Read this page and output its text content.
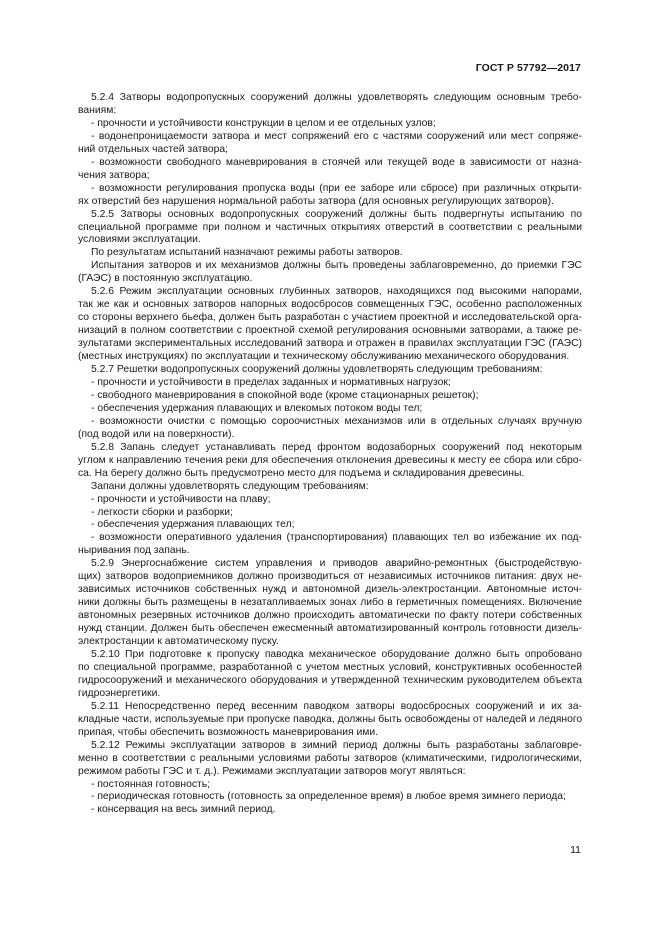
ГОСТ Р 57792—2017
5.2.4 Затворы водопропускных сооружений должны удовлетворять следующим основным требо-
ваниям:
- прочности и устойчивости конструкции в целом и ее отдельных узлов;
- водонепроницаемости затвора и мест сопряжений его с частями сооружений или мест сопряже-
ний отдельных частей затвора;
- возможности свободного маневрирования в стоячей или текущей воде в зависимости от назна-
чения затвора;
- возможности регулирования пропуска воды (при ее заборе или сбросе) при различных открыти-
ях отверстий без нарушения нормальной работы затвора (для основных регулирующих затворов).
5.2.5 Затворы основных водопропускных сооружений должны быть подвергнуты испытанию по
специальной программе при полном и частичных открытиях отверстий в соответствии с реальными
условиями эксплуатации.
По результатам испытаний назначают режимы работы затворов.
Испытания затворов и их механизмов должны быть проведены заблаговременно, до приемки ГЭС
(ГАЭС) в постоянную эксплуатацию.
5.2.6 Режим эксплуатации основных глубинных затворов, находящихся под высокими напорами,
так же как и основных затворов напорных водосбросов совмещенных ГЭС, особенно расположенных
со стороны верхнего бьефа, должен быть разработан с участием проектной и исследовательской орга-
низаций в полном соответствии с проектной схемой регулирования основными затворами, а также ре-
зультатами экспериментальных исследований затвора и отражен в правилах эксплуатации ГЭС (ГАЭС)
(местных инструкциях) по эксплуатации и техническому обслуживанию механического оборудования.
5.2.7 Решетки водопропускных сооружений должны удовлетворять следующим требованиям:
- прочности и устойчивости в пределах заданных и нормативных нагрузок;
- свободного маневрирования в спокойной воде (кроме стационарных решеток);
- обеспечения удержания плавающих и влекомых потоком воды тел;
- возможности очистки с помощью сороочистных механизмов или в отдельных случаях вручную
(под водой или на поверхности).
5.2.8 Запань следует устанавливать перед фронтом водозаборных сооружений под некоторым
углом к направлению течения реки для обеспечения отклонения древесины к месту ее сбора или сбро-
са. На берегу должно быть предусмотрено место для подъема и складирования древесины.
Запани должны удовлетворять следующим требованиям:
- прочности и устойчивости на плаву;
- легкости сборки и разборки;
- обеспечения удержания плавающих тел;
- возможности оперативного удаления (транспортирования) плавающих тел во избежание их под-
ныривания под запань.
5.2.9 Энергоснабжение систем управления и приводов аварийно-ремонтных (быстродействую-
щих) затворов водоприемников должно производиться от независимых источников питания: двух не-
зависимых источников собственных нужд и автономной дизель-электростанции. Автономные источ-
ники должны быть размещены в незатапливаемых зонах либо в герметичных помещениях. Включение
автономных резервных источников должно происходить автоматически по факту потери собственных
нужд станции. Должен быть обеспечен ежесменный автоматизированный контроль готовности дизель-
электростанции к автоматическому пуску.
5.2.10 При подготовке к пропуску паводка механическое оборудование должно быть опробовано
по специальной программе, разработанной с учетом местных условий, конструктивных особенностей
гидросооружений и механического оборудования и утвержденной техническим руководителем объекта
гидроэнергетики.
5.2.11 Непосредственно перед весенним паводком затворы водосбросных сооружений и их за-
кладные части, используемые при пропуске паводка, должны быть освобождены от наледей и ледяного
припая, чтобы обеспечить возможность маневрирования ими.
5.2.12 Режимы эксплуатации затворов в зимний период должны быть разработаны заблаговре-
менно в соответствии с реальными условиями работы затворов (климатическими, гидрологическими,
режимом работы ГЭС и т. д.). Режимами эксплуатации затворов могут являться:
- постоянная готовность;
- периодическая готовность (готовность за определенное время) в любое время зимнего периода;
- консервация на весь зимний период.
11
